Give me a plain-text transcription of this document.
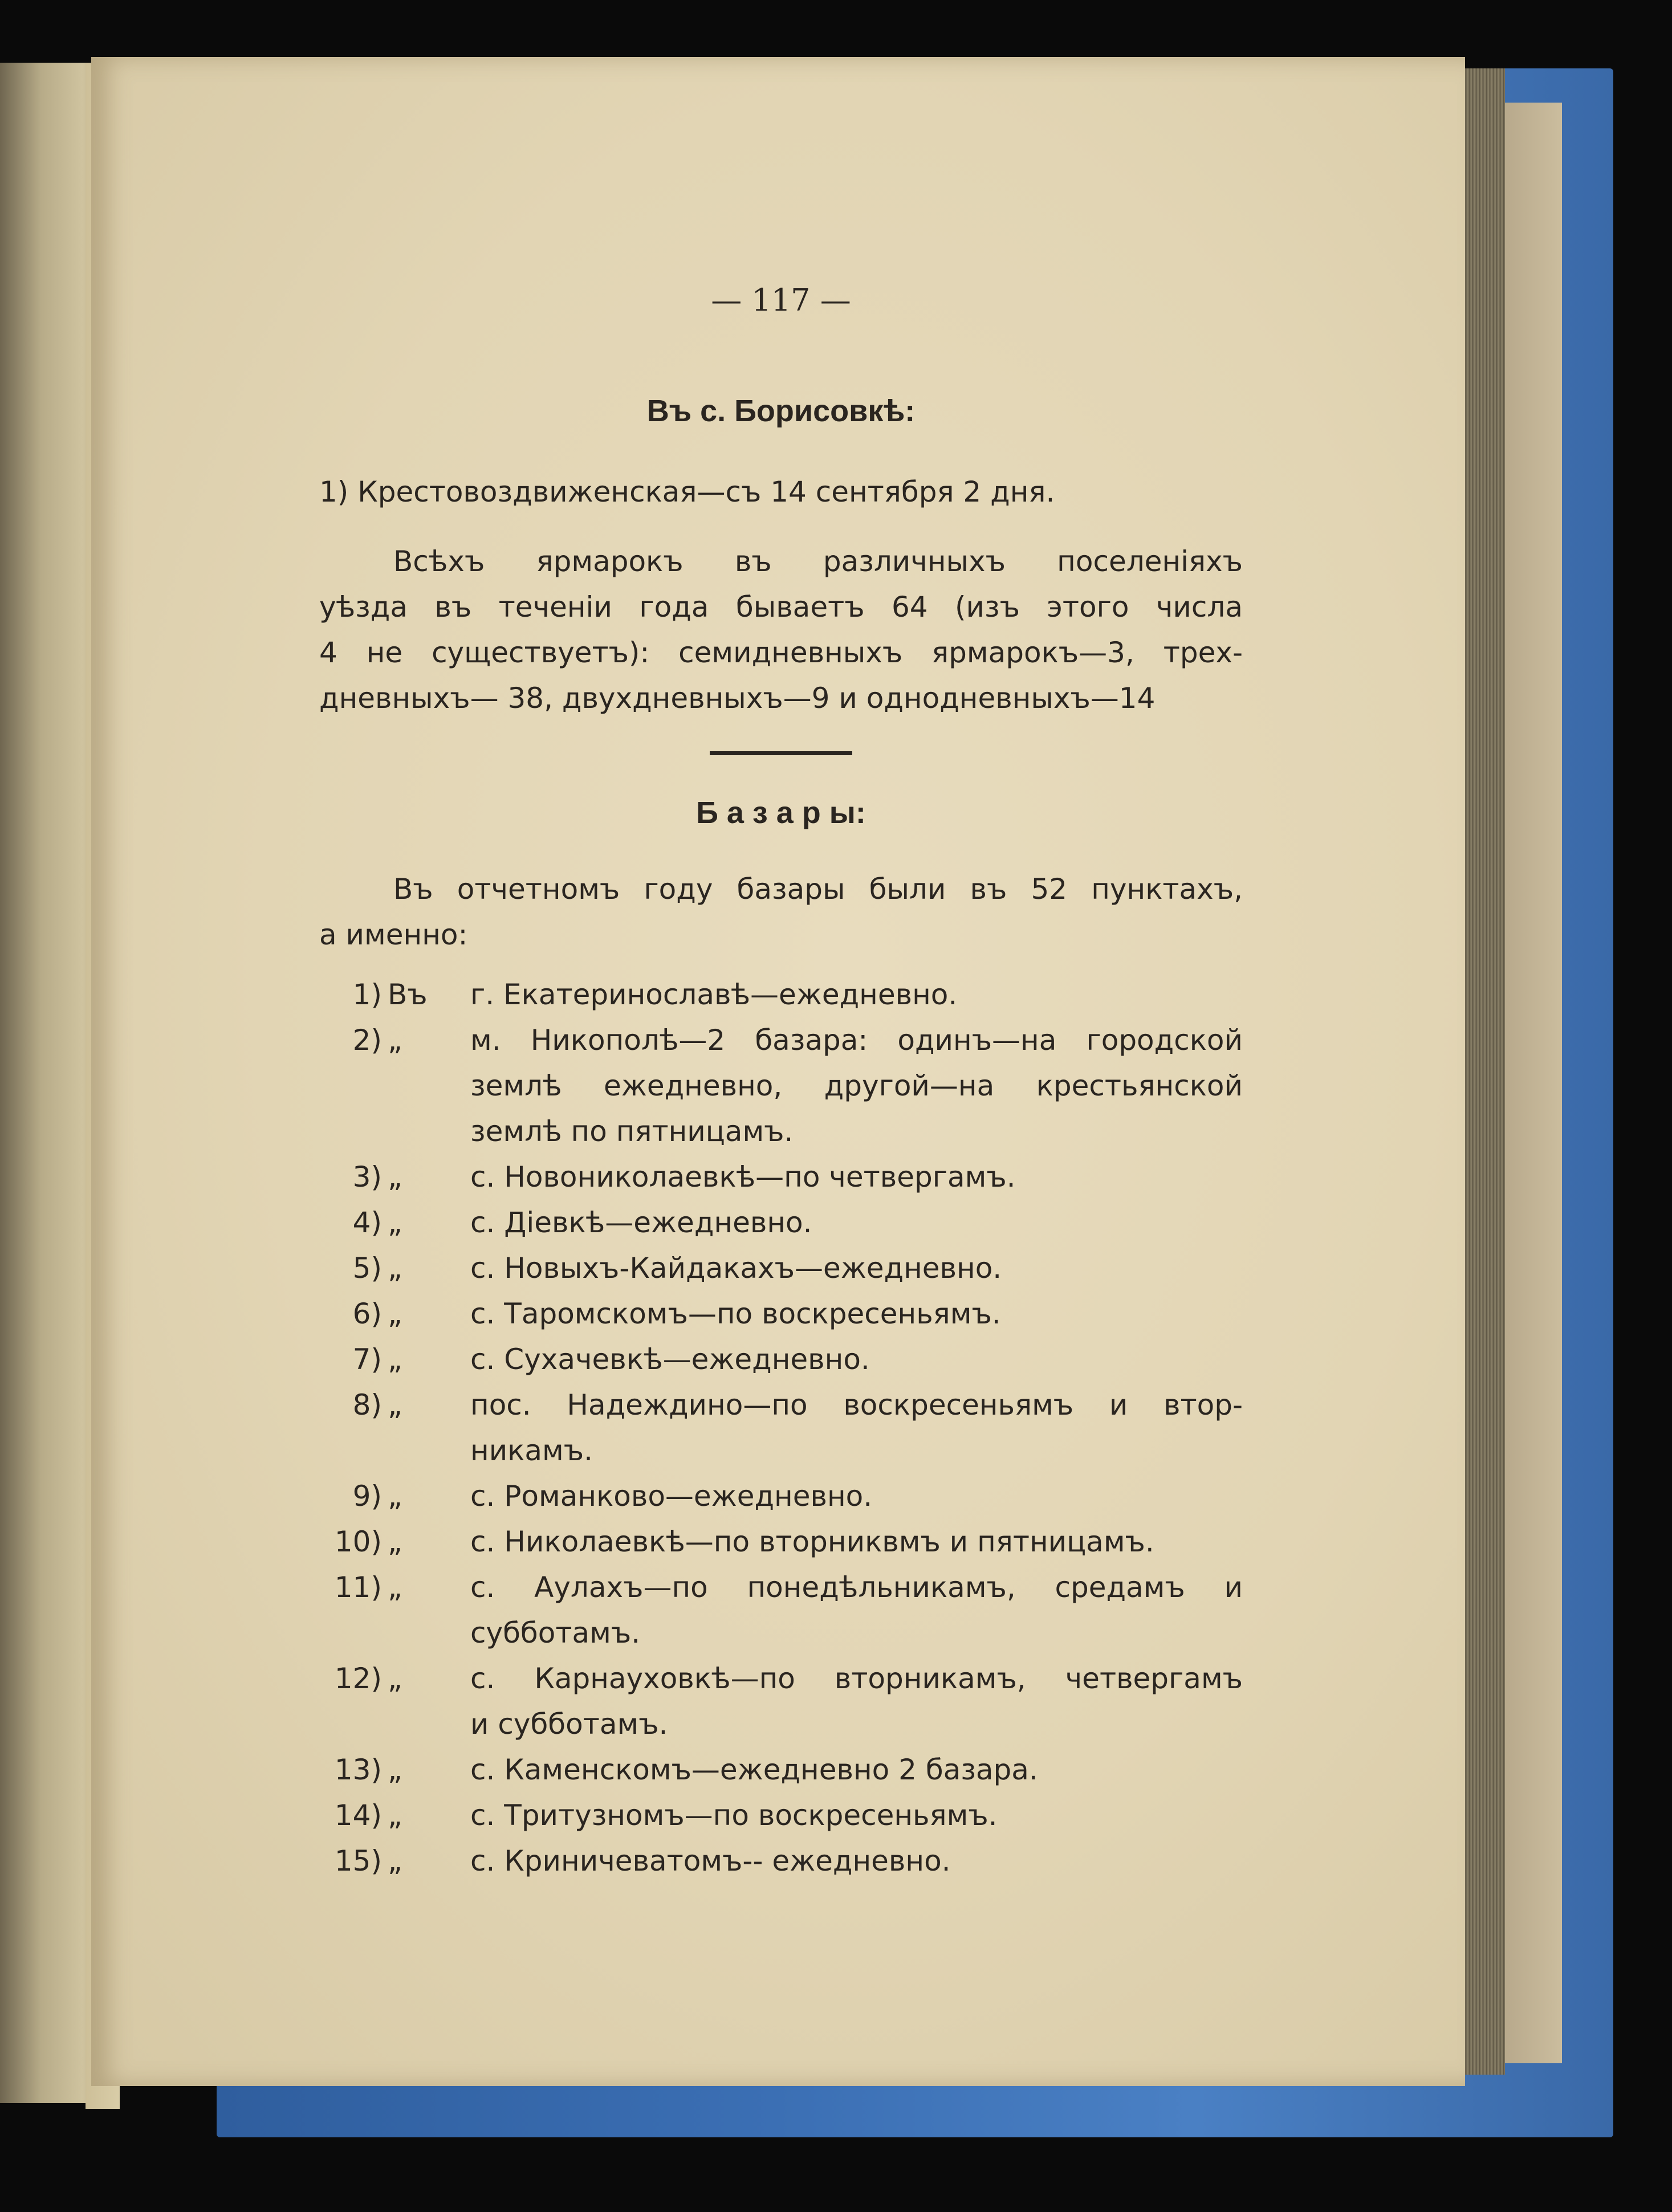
— 117 —
Въ с. Борисовкѣ:
1) Крестовоздвиженская—съ 14 сентября 2 дня.
Всѣхъ ярмарокъ въ различныхъ поселеніяхъ
уѣзда въ теченіи года бываетъ 64 (изъ этого числа
4 не существуетъ): семидневныхъ ярмарокъ—3, трех-
дневныхъ— 38, двухдневныхъ—9 и однодневныхъ—14
Б а з а р ы:
Въ отчетномъ году базары были въ 52 пунктахъ,
а именно:
1) Въ	г. Екатеринославѣ—ежедневно.
2) „	м. Никополѣ—2 базара: одинъ—на городской
землѣ ежедневно, другой—на крестьянской
землѣ по пятницамъ.
3) „	с. Новониколаевкѣ—по четвергамъ.
4) „	с. Діевкѣ—ежедневно.
5) „	с. Новыхъ-Кайдакахъ—ежедневно.
6) „	с. Таромскомъ—по воскресеньямъ.
7) „	с. Сухачевкѣ—ежедневно.
8) „	пос. Надеждино—по воскресеньямъ и втор-
никамъ.
9) „	с. Романково—ежедневно.
10) „	с. Николаевкѣ—по вторниквмъ и пятницамъ.
11) „	с. Аулахъ—по понедѣльникамъ, средамъ и
субботамъ.
12) „	с. Карнауховкѣ—по вторникамъ, четвергамъ
и субботамъ.
13) „	с. Каменскомъ—ежедневно 2 базара.
14) „	с. Тритузномъ—по воскресеньямъ.
15) „	с. Криничеватомъ-- ежедневно.
